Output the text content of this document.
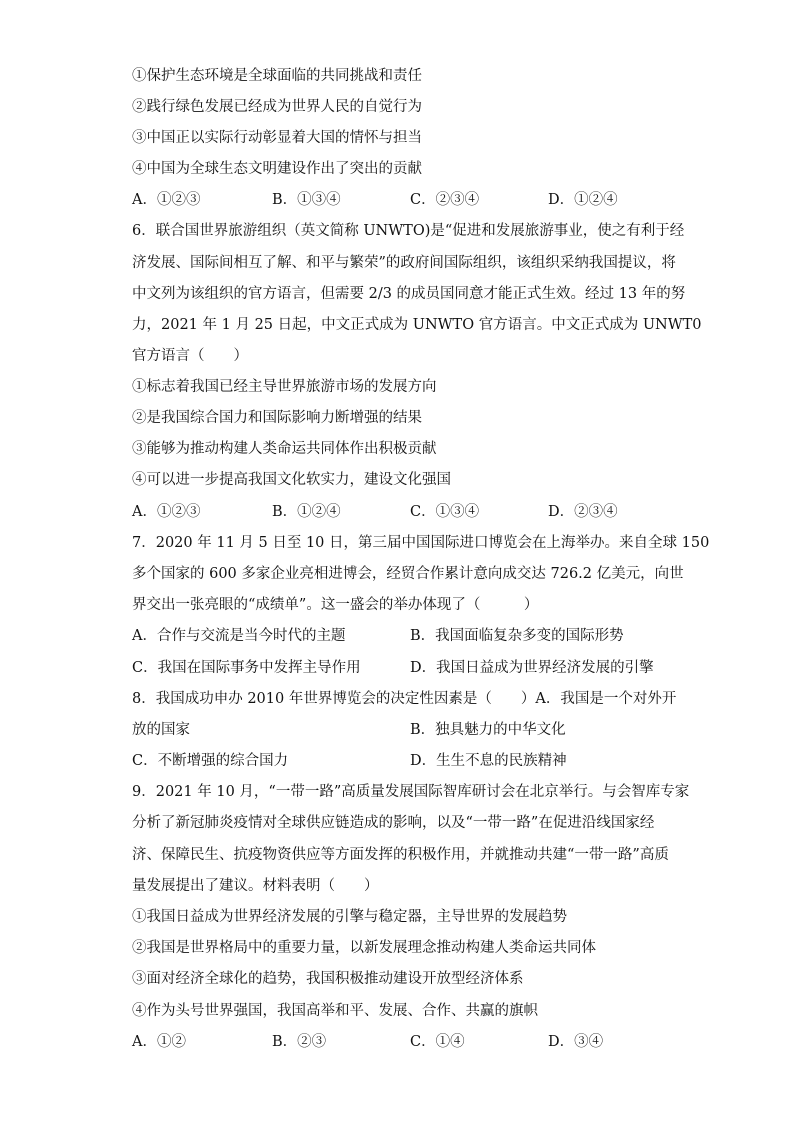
①保护生态环境是全球面临的共同挑战和责任
②践行绿色发展已经成为世界人民的自觉行为
③中国正以实际行动彰显着大国的情怀与担当
④中国为全球生态文明建设作出了突出的贡献
A．①②③	B．①③④	C．②③④	D．①②④
6．联合国世界旅游组织（英文简称 UNWTO)是“促进和发展旅游事业，使之有利于经
济发展、国际间相互了解、和平与繁荣”的政府间国际组织，该组织采纳我国提议，将
中文列为该组织的官方语言，但需要 2/3 的成员国同意才能正式生效。经过 13 年的努
力，2021 年 1 月 25 日起，中文正式成为 UNWTO 官方语言。中文正式成为 UNWT0
官方语言（　　）
①标志着我国已经主导世界旅游市场的发展方向
②是我国综合国力和国际影响力断增强的结果
③能够为推动构建人类命运共同体作出积极贡献
④可以进一步提高我国文化软实力，建设文化强国
A．①②③	B．①②④	C．①③④	D．②③④
7．2020 年 11 月 5 日至 10 日，第三届中国国际进口博览会在上海举办。来自全球 150
多个国家的 600 多家企业亮相进博会，经贸合作累计意向成交达 726.2 亿美元，向世
界交出一张亮眼的“成绩单”。这一盛会的举办体现了（　　　）
A．合作与交流是当今时代的主题	B．我国面临复杂多变的国际形势
C．我国在国际事务中发挥主导作用	D．我国日益成为世界经济发展的引擎
8．我国成功申办 2010 年世界博览会的决定性因素是（　　）A．我国是一个对外开
放的国家	B．独具魅力的中华文化
C．不断增强的综合国力	D．生生不息的民族精神
9．2021 年 10 月，“一带一路”高质量发展国际智库研讨会在北京举行。与会智库专家
分析了新冠肺炎疫情对全球供应链造成的影响，以及“一带一路”在促进沿线国家经
济、保障民生、抗疫物资供应等方面发挥的积极作用，并就推动共建“一带一路”高质
量发展提出了建议。材料表明（　　）
①我国日益成为世界经济发展的引擎与稳定器，主导世界的发展趋势
②我国是世界格局中的重要力量，以新发展理念推动构建人类命运共同体
③面对经济全球化的趋势，我国积极推动建设开放型经济体系
④作为头号世界强国，我国高举和平、发展、合作、共赢的旗帜
A．①②	B．②③	C．①④	D．③④
